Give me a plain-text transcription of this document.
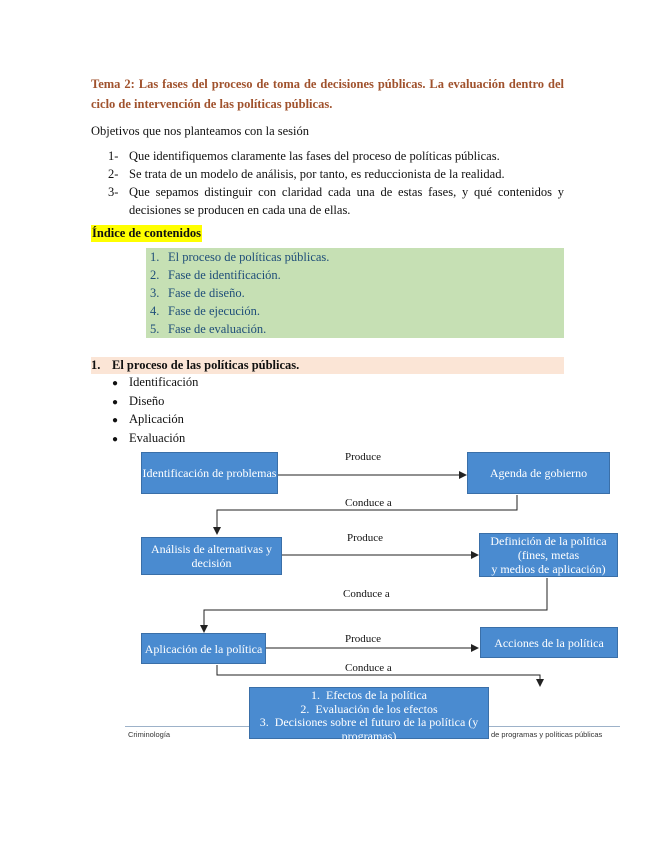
Tema 2: Las fases del proceso de toma de decisiones públicas. La evaluación dentro del ciclo de intervención de las políticas públicas.
Objetivos que nos planteamos con la sesión
1- Que identifiquemos claramente las fases del proceso de políticas públicas.
2- Se trata de un modelo de análisis, por tanto, es reduccionista de la realidad.
3- Que sepamos distinguir con claridad cada una de estas fases, y qué contenidos y decisiones se producen en cada una de ellas.
Índice de contenidos
1. El proceso de políticas públicas.
2. Fase de identificación.
3. Fase de diseño.
4. Fase de ejecución.
5. Fase de evaluación.
1. El proceso de las políticas públicas.
● Identificación
● Diseño
● Aplicación
● Evaluación
Identificación de problemas	Agenda de gobierno
Análisis de alternativas y decisión
Definición de la política
(fines, metas
y medios de aplicación)
Aplicación de la política	Acciones de la política
Produce
Conduce a
Produce
Conduce a
Produce
Conduce a
Criminología	de programas y políticas públicas
1. Efectos de la política
2. Evaluación de los efectos
3. Decisiones sobre el futuro de la política (y programas)
